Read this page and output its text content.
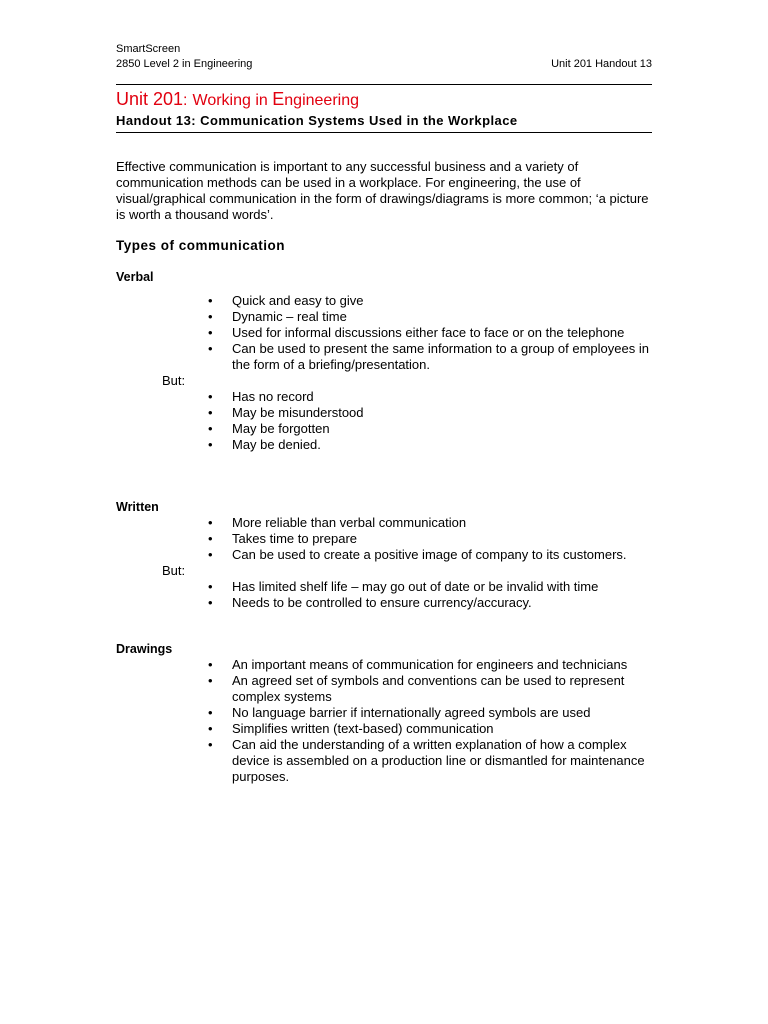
SmartScreen
2850 Level 2 in Engineering	Unit 201 Handout 13
Unit 201: Working in Engineering
Handout 13: Communication Systems Used in the Workplace

Effective communication is important to any successful business and a variety of communication methods can be used in a workplace. For engineering, the use of visual/graphical communication in the form of drawings/diagrams is more common; ‘a picture is worth a thousand words’.

Types of communication
Verbal
• Quick and easy to give
• Dynamic – real time
• Used for informal discussions either face to face or on the telephone
• Can be used to present the same information to a group of employees in the form of a briefing/presentation.
But:
• Has no record
• May be misunderstood
• May be forgotten
• May be denied.
Written
• More reliable than verbal communication
• Takes time to prepare
• Can be used to create a positive image of company to its customers.
But:
• Has limited shelf life – may go out of date or be invalid with time
• Needs to be controlled to ensure currency/accuracy.
Drawings
• An important means of communication for engineers and technicians
• An agreed set of symbols and conventions can be used to represent complex systems
• No language barrier if internationally agreed symbols are used
• Simplifies written (text-based) communication
• Can aid the understanding of a written explanation of how a complex device is assembled on a production line or dismantled for maintenance purposes.
